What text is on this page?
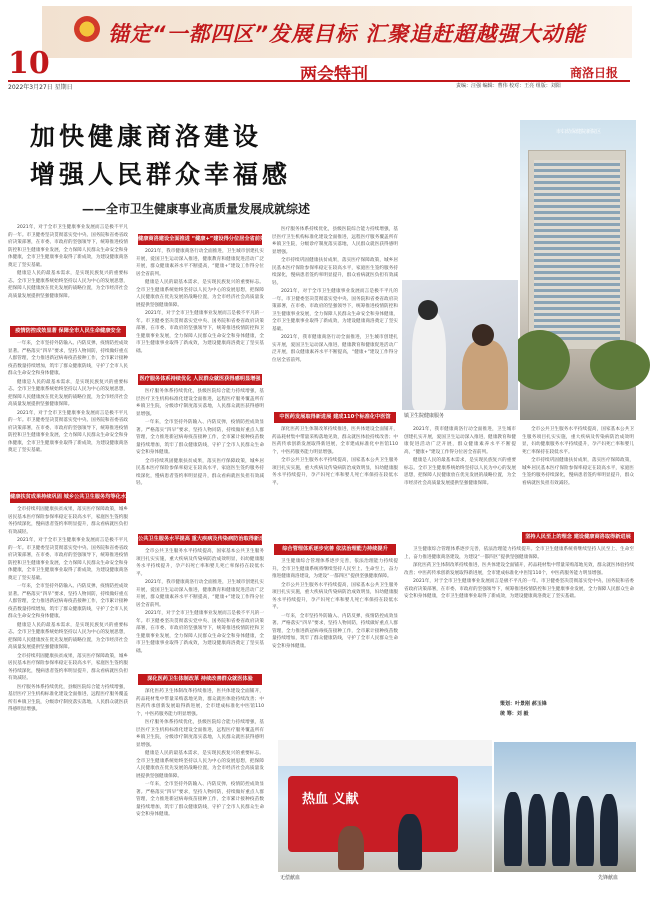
锚定“一都四区”发展目标 汇聚追赶超越强大动能
10	两会特刊	商洛日报
2022年3月27日 星期日	责编：汪强 编辑：曹伟 校对：王亮 组版：刘阳
加快健康商洛建设
增强人民群众幸福感
——全市卫生健康事业高质量发展成就综述
市妇幼保健院新院区

2021年，对于全市卫生健康事业发展而言是极不平凡的一年。市卫健委坚决贯彻落实党中央、国务院和省委省政府决策部署，在市委、市政府的坚强领导下，统筹推进疫情防控和卫生健康事业发展，全力保障人民群众生命安全和身体健康，全市卫生健康事业取得了新成效，为建设健康商洛奠定了坚实基础。

健康是人民的最基本需求，是实现民族复兴的重要标志。全市卫生健康系统始终坚持以人民为中心的发展思想，把保障人民健康放在优先发展的战略位置，为全市经济社会高质量发展提供坚强健康保障。

疫情防控成效显著 保障全市人民生命健康安全

一年来，全市坚持外防输入、内防反弹，疫情防控成效显著。严格落实“四早”要求，坚持人物同防，持续做好重点人群管理，全力推进新冠病毒疫苗接种工作，全市累计接种疫苗数量持续增加，筑牢了群众健康防线，守护了全市人民群众生命安全和身体健康。

健康是人民的最基本需求，是实现民族复兴的重要标志。全市卫生健康系统始终坚持以人民为中心的发展思想，把保障人民健康放在优先发展的战略位置，为全市经济社会高质量发展提供坚强健康保障。

2021年，对于全市卫生健康事业发展而言是极不平凡的一年。市卫健委坚决贯彻落实党中央、国务院和省委省政府决策部署，在市委、市政府的坚强领导下，统筹推进疫情防控和卫生健康事业发展，全力保障人民群众生命安全和身体健康，全市卫生健康事业取得了新成效，为建设健康商洛奠定了坚实基础。

健康扶贫成果持续巩固 城乡公共卫生服务均等化水平提升

全市持续巩固健康扶贫成果，落实医疗保障政策，城乡居民基本医疗保险参保率稳定在较高水平，家庭医生签约服务持续深化，慢病患者签约率明显提升，群众看病就医负担有效减轻。

2021年，对于全市卫生健康事业发展而言是极不平凡的一年。市卫健委坚决贯彻落实党中央、国务院和省委省政府决策部署，在市委、市政府的坚强领导下，统筹推进疫情防控和卫生健康事业发展，全力保障人民群众生命安全和身体健康，全市卫生健康事业取得了新成效，为建设健康商洛奠定了坚实基础。

一年来，全市坚持外防输入、内防反弹，疫情防控成效显著。严格落实“四早”要求，坚持人物同防，持续做好重点人群管理，全力推进新冠病毒疫苗接种工作，全市累计接种疫苗数量持续增加，筑牢了群众健康防线，守护了全市人民群众生命安全和身体健康。

健康是人民的最基本需求，是实现民族复兴的重要标志。全市卫生健康系统始终坚持以人民为中心的发展思想，把保障人民健康放在优先发展的战略位置，为全市经济社会高质量发展提供坚强健康保障。

全市持续巩固健康扶贫成果，落实医疗保障政策，城乡居民基本医疗保险参保率稳定在较高水平，家庭医生签约服务持续深化，慢病患者签约率明显提升，群众看病就医负担有效减轻。

医疗服务体系持续优化，县级医院综合能力持续增强，基层医疗卫生机构标准化建设全面推进，远程医疗服务覆盖所有乡镇卫生院，分级诊疗制度落实落地，人民群众就医获得感明显增强。

健康商洛建设全面推进 “健康+”建设得分位居全省前列

2021年，我市健康商洛行动全面推进，卫生城市创建扎实开展，爱国卫生运动深入推进，健康教育和健康促进活动广泛开展，群众健康素养水平不断提高，“健康+”建设工作得分位居全省前列。

健康是人民的最基本需求，是实现民族复兴的重要标志。全市卫生健康系统始终坚持以人民为中心的发展思想，把保障人民健康放在优先发展的战略位置，为全市经济社会高质量发展提供坚强健康保障。

2021年，对于全市卫生健康事业发展而言是极不平凡的一年。市卫健委坚决贯彻落实党中央、国务院和省委省政府决策部署，在市委、市政府的坚强领导下，统筹推进疫情防控和卫生健康事业发展，全力保障人民群众生命安全和身体健康，全市卫生健康事业取得了新成效，为建设健康商洛奠定了坚实基础。

医疗服务体系持续优化 人民群众就医获得感明显增强

医疗服务体系持续优化，县级医院综合能力持续增强，基层医疗卫生机构标准化建设全面推进，远程医疗服务覆盖所有乡镇卫生院，分级诊疗制度落实落地，人民群众就医获得感明显增强。

一年来，全市坚持外防输入、内防反弹，疫情防控成效显著。严格落实“四早”要求，坚持人物同防，持续做好重点人群管理，全力推进新冠病毒疫苗接种工作，全市累计接种疫苗数量持续增加，筑牢了群众健康防线，守护了全市人民群众生命安全和身体健康。

全市持续巩固健康扶贫成果，落实医疗保障政策，城乡居民基本医疗保险参保率稳定在较高水平，家庭医生签约服务持续深化，慢病患者签约率明显提升，群众看病就医负担有效减轻。

公共卫生服务水平提高 重大疾病及传染病防治取得新成效

全市公共卫生服务水平持续提高，国家基本公共卫生服务项目扎实实施，重大疾病及传染病防治成效明显，妇幼健康服务水平持续提升，孕产妇死亡率和婴儿死亡率保持在较低水平。

2021年，我市健康商洛行动全面推进，卫生城市创建扎实开展，爱国卫生运动深入推进，健康教育和健康促进活动广泛开展，群众健康素养水平不断提高，“健康+”建设工作得分位居全省前列。

2021年，对于全市卫生健康事业发展而言是极不平凡的一年。市卫健委坚决贯彻落实党中央、国务院和省委省政府决策部署，在市委、市政府的坚强领导下，统筹推进疫情防控和卫生健康事业发展，全力保障人民群众生命安全和身体健康，全市卫生健康事业取得了新成效，为建设健康商洛奠定了坚实基础。

深化医药卫生体制改革 持续改善群众就医体验

深化医药卫生体制改革持续推进，医共体建设全面铺开，药品耗材集中带量采购落地见效，群众就医体验持续改善；中医药传承创新发展取得新进展，全市建成标准化中医馆110个，中医药服务能力明显增强。

医疗服务体系持续优化，县级医院综合能力持续增强，基层医疗卫生机构标准化建设全面推进，远程医疗服务覆盖所有乡镇卫生院，分级诊疗制度落实落地，人民群众就医获得感明显增强。

健康是人民的最基本需求，是实现民族复兴的重要标志。全市卫生健康系统始终坚持以人民为中心的发展思想，把保障人民健康放在优先发展的战略位置，为全市经济社会高质量发展提供坚强健康保障。

一年来，全市坚持外防输入、内防反弹，疫情防控成效显著。严格落实“四早”要求，坚持人物同防，持续做好重点人群管理，全力推进新冠病毒疫苗接种工作，全市累计接种疫苗数量持续增加，筑牢了群众健康防线，守护了全市人民群众生命安全和身体健康。

医疗服务体系持续优化，县级医院综合能力持续增强，基层医疗卫生机构标准化建设全面推进，远程医疗服务覆盖所有乡镇卫生院，分级诊疗制度落实落地，人民群众就医获得感明显增强。

全市持续巩固健康扶贫成果，落实医疗保障政策，城乡居民基本医疗保险参保率稳定在较高水平，家庭医生签约服务持续深化，慢病患者签约率明显提升，群众看病就医负担有效减轻。

2021年，对于全市卫生健康事业发展而言是极不平凡的一年。市卫健委坚决贯彻落实党中央、国务院和省委省政府决策部署，在市委、市政府的坚强领导下，统筹推进疫情防控和卫生健康事业发展，全力保障人民群众生命安全和身体健康，全市卫生健康事业取得了新成效，为建设健康商洛奠定了坚实基础。

2021年，我市健康商洛行动全面推进，卫生城市创建扎实开展，爱国卫生运动深入推进，健康教育和健康促进活动广泛开展，群众健康素养水平不断提高，“健康+”建设工作得分位居全省前列。

中医药发展取得新进展 建成110个标准化中医馆

深化医药卫生体制改革持续推进，医共体建设全面铺开，药品耗材集中带量采购落地见效，群众就医体验持续改善；中医药传承创新发展取得新进展，全市建成标准化中医馆110个，中医药服务能力明显增强。

全市公共卫生服务水平持续提高，国家基本公共卫生服务项目扎实实施，重大疾病及传染病防治成效明显，妇幼健康服务水平持续提升，孕产妇死亡率和婴儿死亡率保持在较低水平。

综合管理体系逐步完善 依法治理能力持续提升

卫生健康综合管理体系逐步完善，依法治理能力持续提升。全市卫生健康系统将继续坚持人民至上、生命至上，奋力推进健康商洛建设，为建设“一都四区”提供坚强健康保障。

全市公共卫生服务水平持续提高，国家基本公共卫生服务项目扎实实施，重大疾病及传染病防治成效明显，妇幼健康服务水平持续提升，孕产妇死亡率和婴儿死亡率保持在较低水平。

一年来，全市坚持外防输入、内防反弹，疫情防控成效显著。严格落实“四早”要求，坚持人物同防，持续做好重点人群管理，全力推进新冠病毒疫苗接种工作，全市累计接种疫苗数量持续增加，筑牢了群众健康防线，守护了全市人民群众生命安全和身体健康。

镇卫生院健康服务

2021年，我市健康商洛行动全面推进，卫生城市创建扎实开展，爱国卫生运动深入推进，健康教育和健康促进活动广泛开展，群众健康素养水平不断提高，“健康+”建设工作得分位居全省前列。

健康是人民的最基本需求，是实现民族复兴的重要标志。全市卫生健康系统始终坚持以人民为中心的发展思想，把保障人民健康放在优先发展的战略位置，为全市经济社会高质量发展提供坚强健康保障。

全市公共卫生服务水平持续提高，国家基本公共卫生服务项目扎实实施，重大疾病及传染病防治成效明显，妇幼健康服务水平持续提升，孕产妇死亡率和婴儿死亡率保持在较低水平。

全市持续巩固健康扶贫成果，落实医疗保障政策，城乡居民基本医疗保险参保率稳定在较高水平，家庭医生签约服务持续深化，慢病患者签约率明显提升，群众看病就医负担有效减轻。

坚持人民至上的理念 建设健康商洛取得新进展

卫生健康综合管理体系逐步完善，依法治理能力持续提升。全市卫生健康系统将继续坚持人民至上、生命至上，奋力推进健康商洛建设，为建设“一都四区”提供坚强健康保障。

深化医药卫生体制改革持续推进，医共体建设全面铺开，药品耗材集中带量采购落地见效，群众就医体验持续改善；中医药传承创新发展取得新进展，全市建成标准化中医馆110个，中医药服务能力明显增强。

2021年，对于全市卫生健康事业发展而言是极不平凡的一年。市卫健委坚决贯彻落实党中央、国务院和省委省政府决策部署，在市委、市政府的坚强领导下，统筹推进疫情防控和卫生健康事业发展，全力保障人民群众生命安全和身体健康，全市卫生健康事业取得了新成效，为建设健康商洛奠定了坚实基础。

策划：叶景刚 郝玉锋
统 筹：刘 毅
热血 义献
无偿献血	先锋献血
